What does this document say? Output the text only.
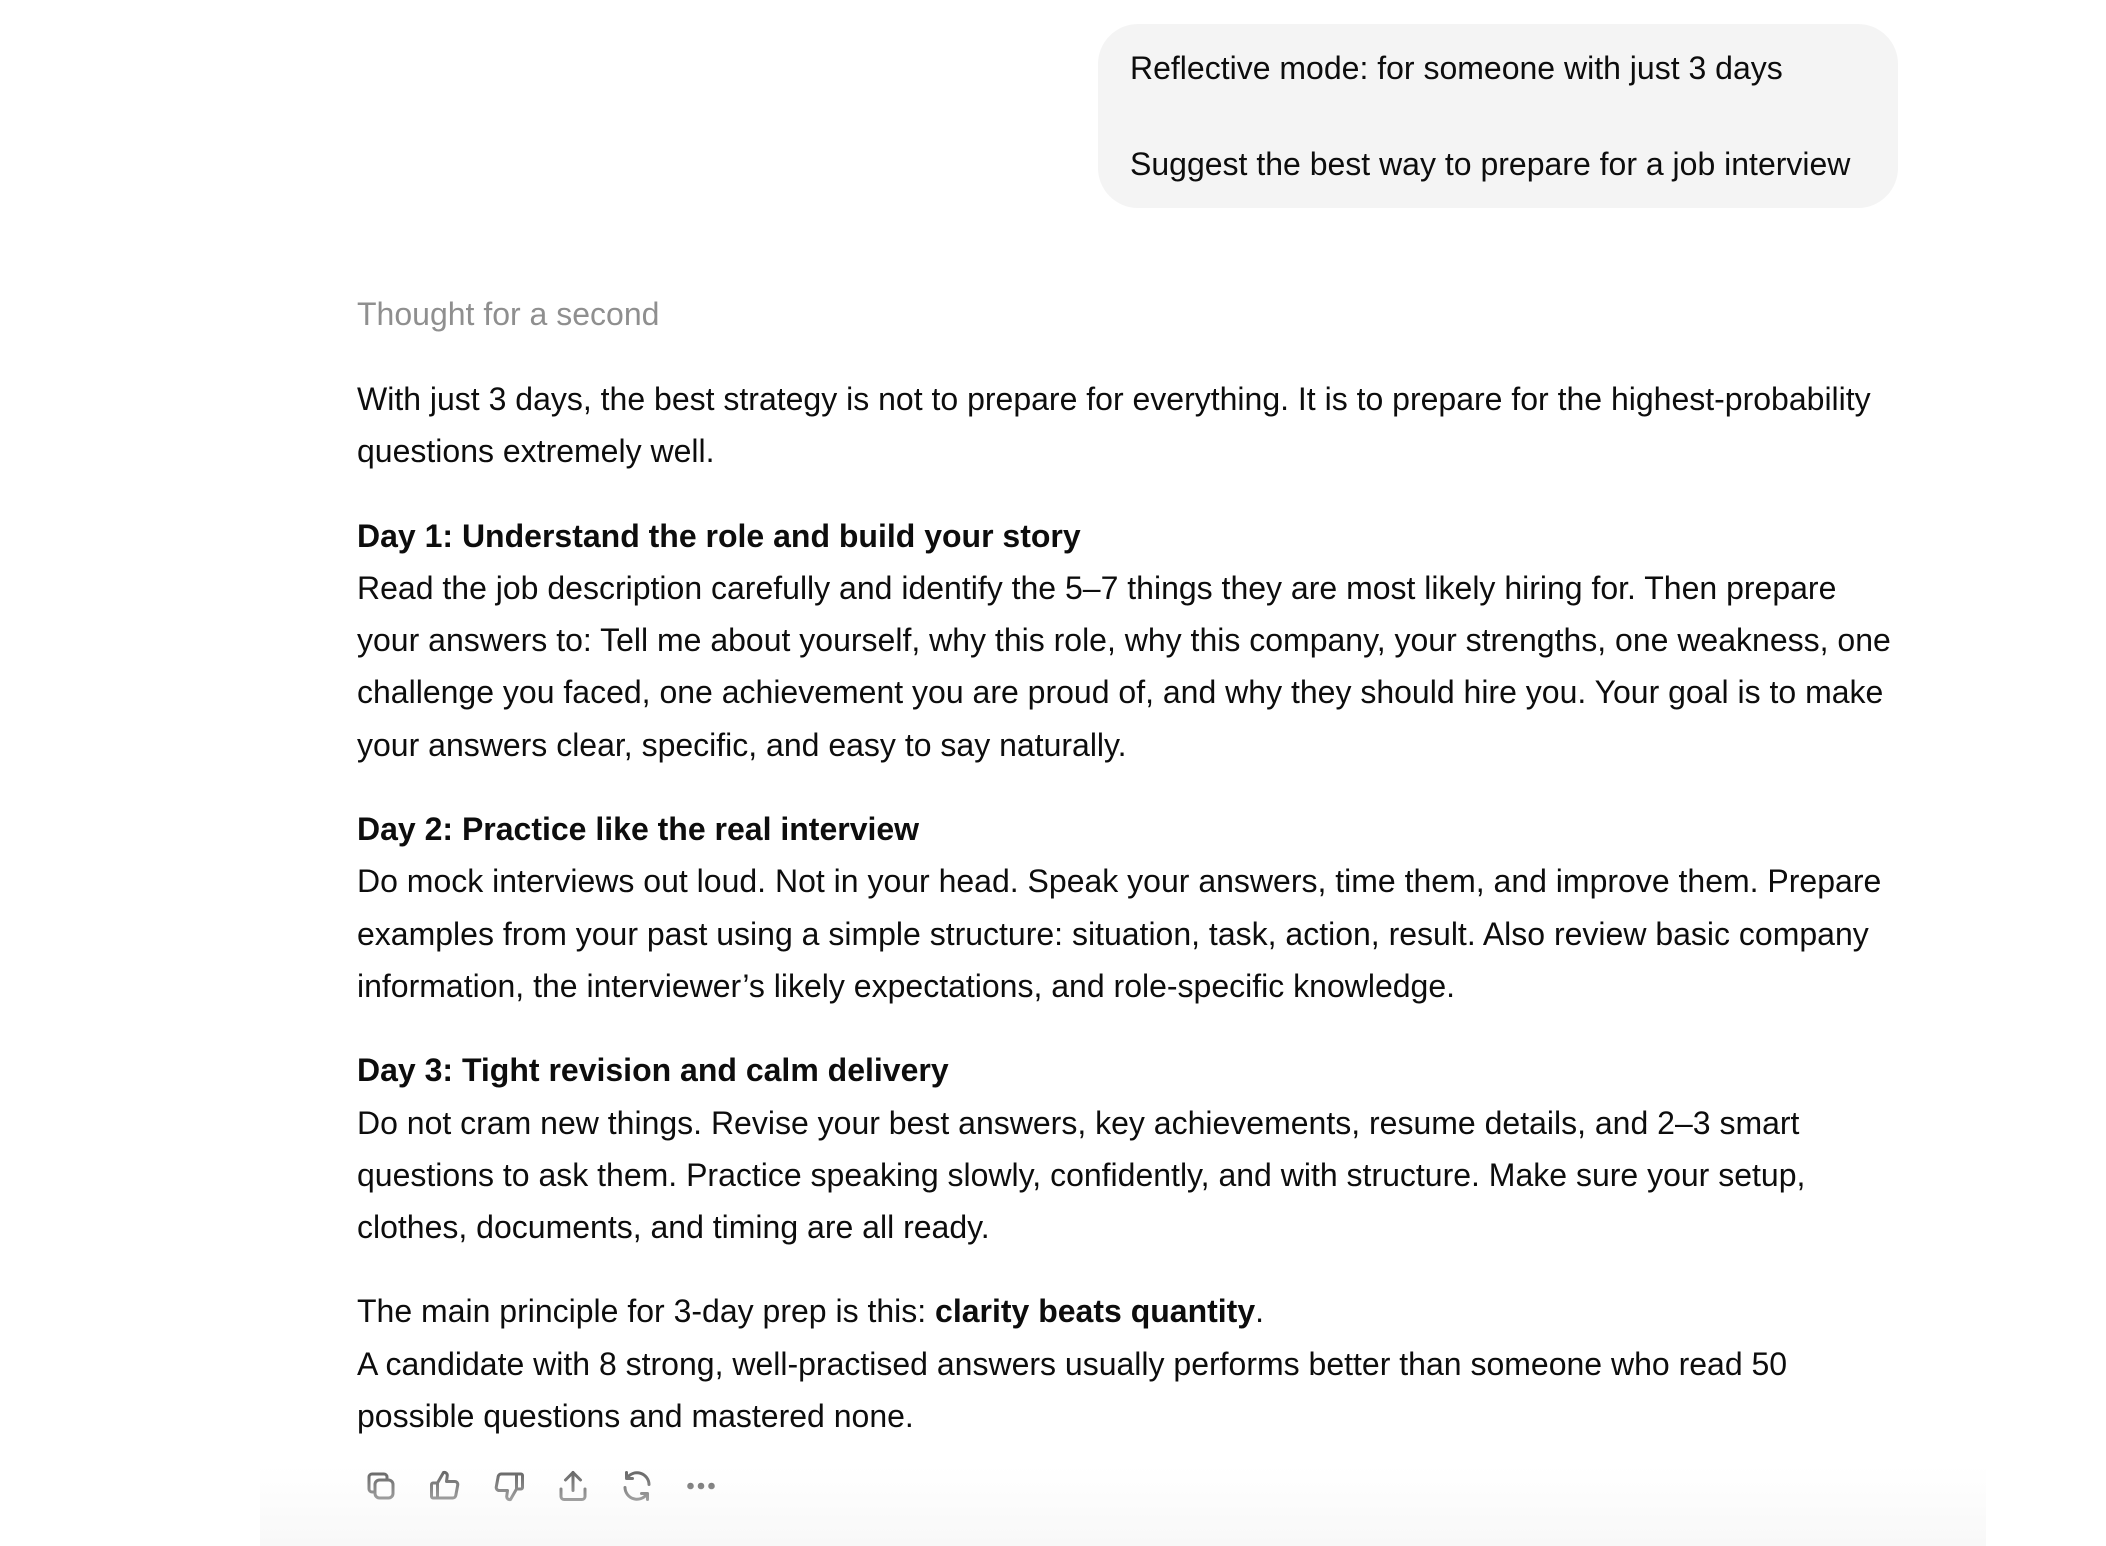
Reflective mode: for someone with just 3 days
Suggest the best way to prepare for a job interview
Thought for a second

With just 3 days, the best strategy is not to prepare for everything. It is to prepare for the highest-probability questions extremely well.

Day 1: Understand the role and build your story
Read the job description carefully and identify the 5–7 things they are most likely hiring for. Then prepare your answers to: Tell me about yourself, why this role, why this company, your strengths, one weakness, one challenge you faced, one achievement you are proud of, and why they should hire you. Your goal is to make your answers clear, specific, and easy to say naturally.

Day 2: Practice like the real interview
Do mock interviews out loud. Not in your head. Speak your answers, time them, and improve them. Prepare examples from your past using a simple structure: situation, task, action, result. Also review basic company information, the interviewer’s likely expectations, and role-specific knowledge.

Day 3: Tight revision and calm delivery
Do not cram new things. Revise your best answers, key achievements, resume details, and 2–3 smart questions to ask them. Practice speaking slowly, confidently, and with structure. Make sure your setup, clothes, documents, and timing are all ready.

The main principle for 3-day prep is this: clarity beats quantity.
A candidate with 8 strong, well-practised answers usually performs better than someone who read 50 possible questions and mastered none.
